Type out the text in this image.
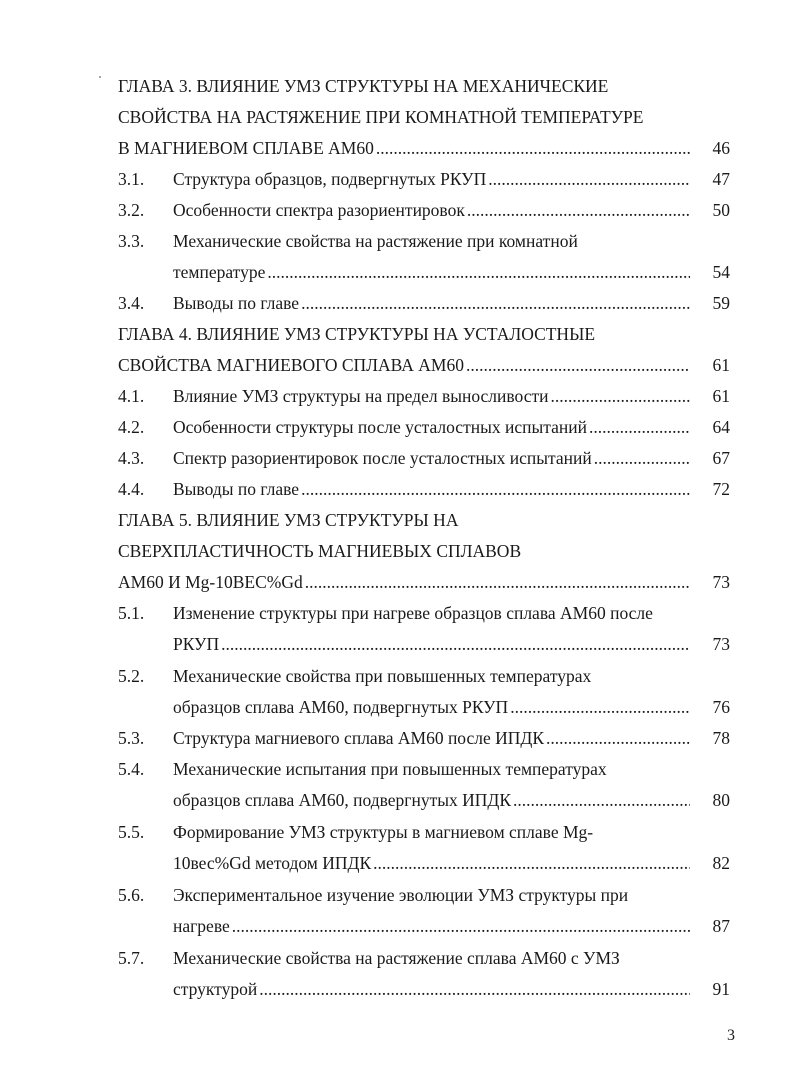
ГЛАВА 3. ВЛИЯНИЕ УМЗ СТРУКТУРЫ НА МЕХАНИЧЕСКИЕ
СВОЙСТВА НА РАСТЯЖЕНИЕ ПРИ КОМНАТНОЙ ТЕМПЕРАТУРЕ
В МАГНИЕВОМ СПЛАВЕ АМ60 .....	46
3.1. Структура образцов, подвергнутых РКУП .....	47
3.2. Особенности спектра разориентировок .....	50
3.3. Механические свойства на растяжение при комнатной
температуре .....	54
3.4. Выводы по главе .....	59
ГЛАВА 4. ВЛИЯНИЕ УМЗ СТРУКТУРЫ НА УСТАЛОСТНЫЕ
СВОЙСТВА МАГНИЕВОГО СПЛАВА АМ60 .....	61
4.1. Влияние УМЗ структуры на предел выносливости .....	61
4.2. Особенности структуры после усталостных испытаний .....	64
4.3. Спектр разориентировок после усталостных испытаний .....	67
4.4. Выводы по главе .....	72
ГЛАВА 5. ВЛИЯНИЕ УМЗ СТРУКТУРЫ НА
СВЕРХПЛАСТИЧНОСТЬ МАГНИЕВЫХ СПЛАВОВ
АМ60 И Mg-10ВЕС%Gd .....	73
5.1. Изменение структуры при нагреве образцов сплава АМ60 после
РКУП .....	73
5.2. Механические свойства при повышенных температурах
образцов сплава АМ60, подвергнутых РКУП .....	76
5.3. Структура магниевого сплава АМ60 после ИПДК .....	78
5.4. Механические испытания при повышенных температурах
образцов сплава АМ60, подвергнутых ИПДК .....	80
5.5. Формирование УМЗ структуры в магниевом сплаве Mg-
10вес%Gd методом ИПДК .....	82
5.6. Экспериментальное изучение эволюции УМЗ структуры при
нагреве .....	87
5.7. Механические свойства на растяжение сплава АМ60 с УМЗ
структурой .....	91
3
